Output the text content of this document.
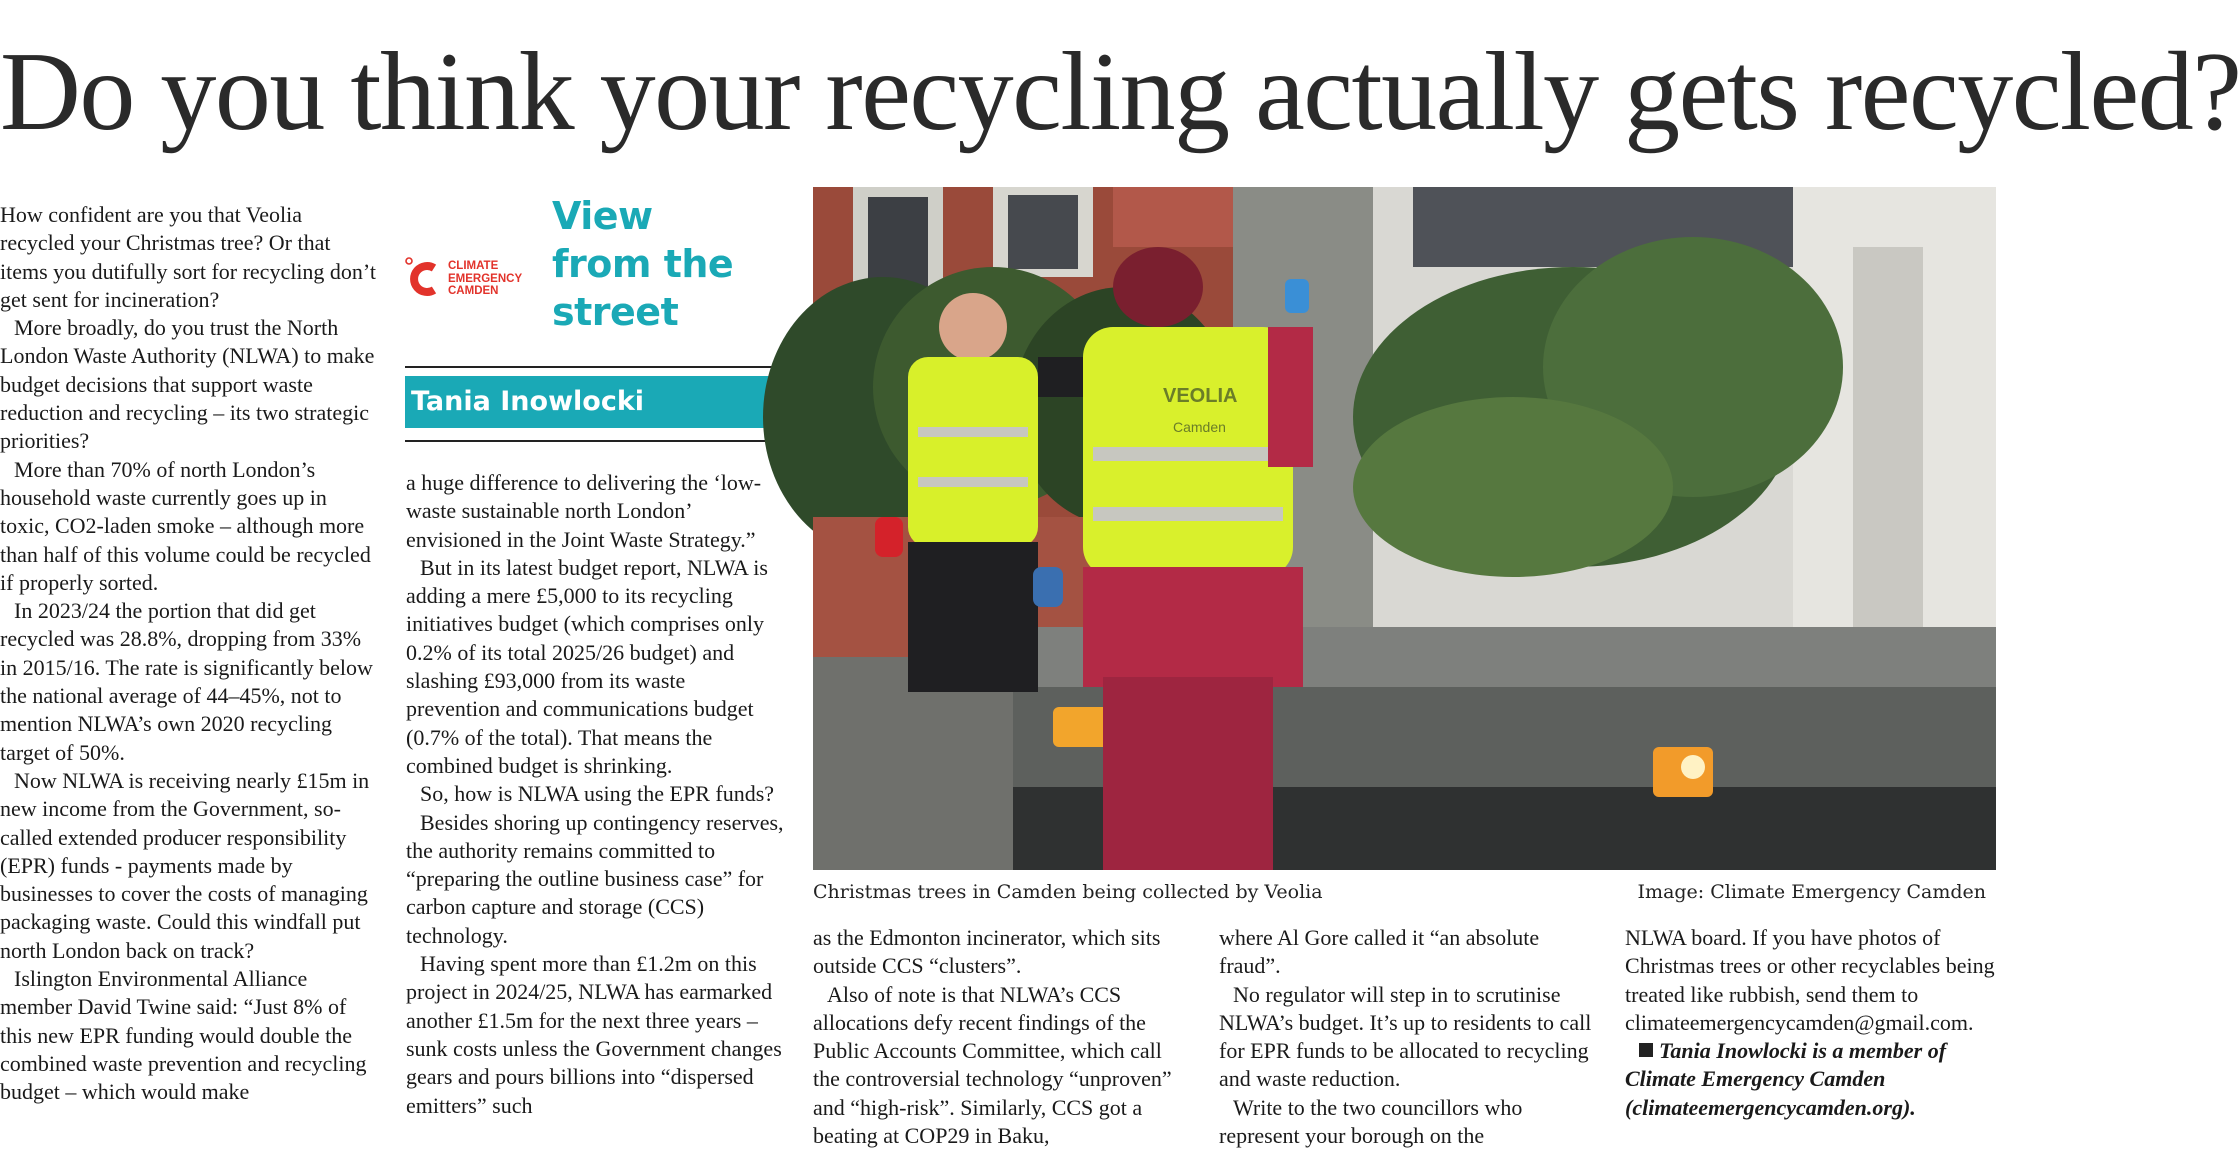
Do you think your recycling actually gets recycled?

How confident are you that Veolia recycled your Christmas tree? Or that items you dutifully sort for recycling don’t get sent for incineration?

More broadly, do you trust the North London Waste Authority (NLWA) to make budget decisions that support waste reduction and recycling – its two strategic priorities?

More than 70% of north London’s household waste currently goes up in toxic, CO2-laden smoke – although more than half of this volume could be recycled if properly sorted.

In 2023/24 the portion that did get recycled was 28.8%, dropping from 33% in 2015/16. The rate is significantly below the national average of 44–45%, not to mention NLWA’s own 2020 recycling target of 50%.

Now NLWA is receiving nearly £15m in new income from the Government, so-called extended producer responsibility (EPR) funds - payments made by businesses to cover the costs of managing packaging waste. Could this windfall put north London back on track?

Islington Environmental Alliance member David Twine said: “Just 8% of this new EPR funding would double the combined waste prevention and recycling budget – which would make

CLIMATE
EMERGENCY
CAMDEN
View
from the
street
Tania Inowlocki

a huge difference to delivering the ‘low-waste sustainable north London’ envisioned in the Joint Waste Strategy.”

But in its latest budget report, NLWA is adding a mere £5,000 to its recycling initiatives budget (which comprises only 0.2% of its total 2025/26 budget) and slashing £93,000 from its waste prevention and communications budget (0.7% of the total). That means the combined budget is shrinking.

So, how is NLWA using the EPR funds?

Besides shoring up contingency reserves, the authority remains committed to “preparing the outline business case” for carbon capture and storage (CCS) technology.

Having spent more than £1.2m on this project in 2024/25, NLWA has earmarked another £1.5m for the next three years – sunk costs unless the Government changes gears and pours billions into “dispersed emitters” such

VEOLIA
Camden
Christmas trees in Camden being collected by Veolia	Image: Climate Emergency Camden

as the Edmonton incinerator, which sits outside CCS “clusters”.

Also of note is that NLWA’s CCS allocations defy recent findings of the Public Accounts Committee, which call the controversial technology “unproven” and “high-risk”. Similarly, CCS got a beating at COP29 in Baku,

where Al Gore called it “an absolute fraud”.

No regulator will step in to scrutinise NLWA’s budget. It’s up to residents to call for EPR funds to be allocated to recycling and waste reduction.

Write to the two councillors who represent your borough on the

NLWA board. If you have photos of Christmas trees or other recyclables being treated like rubbish, send them to climateemergencycamden@gmail.com.

Tania Inowlocki is a member of Climate Emergency Camden (climateemergencycamden.org).
